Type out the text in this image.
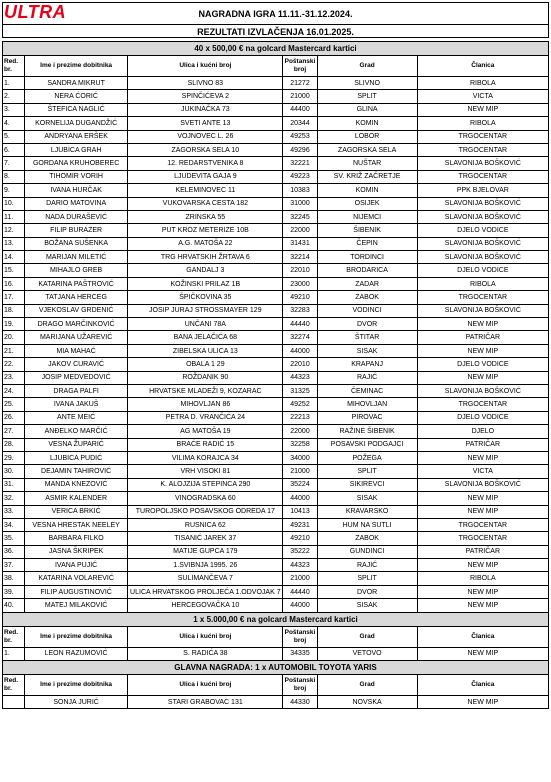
ULTRA	NAGRADNA IGRA 11.11.-31.12.2024.
REZULTATI IZVLAČENJA 16.01.2025.
40 x 500,00 € na golcard Mastercard kartici					
Red. br.	Ime i prezime dobitnika	Ulica i kućni broj	Poštanski broj	Grad	Članica
1.	SANDRA MIKRUT	SLIVNO 83	21272	SLIVNO	RIBOLA
2.	NERA ĆORIĆ	SPINČIĆEVA 2	21000	SPLIT	VICTA
3.	ŠTEFICA NAGLIĆ	JUKINAČKA 73	44400	GLINA	NEW MIP
4.	KORNELIJA DUGANDŽIĆ	SVETI ANTE 13	20344	KOMIN	RIBOLA
5.	ANDRYANA ERŠEK	VOJNOVEC L. 26	49253	LOBOR	TRGOCENTAR
6.	LJUBICA GRAH	ZAGORSKA SELA 10	49296	ZAGORSKA SELA	TRGOCENTAR
7.	GORDANA KRUHOBEREC	12. REDARSTVENIKA 8	32221	NUŠTAR	SLAVONIJA BOŠKOVIĆ
8.	TIHOMIR VORIH	LJUDEVITA GAJA 9	49223	SV. KRIŽ ZAČRETJE	TRGOCENTAR
9.	IVANA HURČAK	KELEMINOVEC 11	10383	KOMIN	PPK BJELOVAR
10.	DARIO MATOVINA	VUKOVARSKA CESTA 182	31000	OSIJEK	SLAVONIJA BOŠKOVIĆ
11.	NADA DURAŠEVIĆ	ZRINSKA 55	32245	NIJEMCI	SLAVONIJA BOŠKOVIĆ
12.	FILIP BURAZER	PUT KROZ METERIZE 10B	22000	ŠIBENIK	DJELO VODICE
13.	BOŽANA SUŠENKA	A.G. MATOŠA 22	31431	ČEPIN	SLAVONIJA BOŠKOVIĆ
14.	MARIJAN MILETIĆ	TRG HRVATSKIH ŽRTAVA 6	32214	TORDINCI	SLAVONIJA BOŠKOVIĆ
15.	MIHAJLO GREB	GANDALJ 3	22010	BRODARICA	DJELO VODICE
16.	KATARINA PAŠTROVIĆ	KOŽINSKI PRILAZ 1B	23000	ZADAR	RIBOLA
17.	TATJANA HERCEG	ŠPIČKOVINA 35	49210	ZABOK	TRGOCENTAR
18.	VJEKOSLAV GRDENIĆ	JOSIP JURAJ STROSSMAYER 129	32283	VODINCI	SLAVONIJA BOŠKOVIĆ
19.	DRAGO MARČINKOVIĆ	UNČANI 78A	44440	DVOR	NEW MIP
20.	MARIJANA UŽAREVIĆ	BANA JELAČIĆA 68	32274	ŠTITAR	PATRIČAR
21.	MIA MAHAĆ	ZIBELSKA ULICA 13	44000	SISAK	NEW MIP
22.	JAKOV CURAVIĆ	OBALA 1 29	22010	KRAPANJ	DJELO VODICE
23.	JOSIP MEDVEDOVIĆ	ROŽDANIK 90	44323	RAJIĆ	NEW MIP
24.	DRAGA PALFI	HRVATSKE MLADEŽI 9, KOZARAC	31325	ČEMINAC	SLAVONIJA BOŠKOVIĆ
25.	IVANA JAKUŠ	MIHOVLJAN 86	49252	MIHOVLJAN	TRGOCENTAR
26.	ANTE MEIĆ	PETRA D. VRANČIĆA 24	22213	PIROVAC	DJELO VODICE
27.	ANĐELKO MARČIĆ	AG MATOŠA 19	22000	RAŽINE ŠIBENIK	DJELO
28.	VESNA ŽUPARIĆ	BRAĆE RADIĆ 15	32258	POSAVSKI PODGAJCI	PATRIČAR
29.	LJUBICA PUDIĆ	VILIMA KORAJCA 34	34000	POŽEGA	NEW MIP
30.	DEJAMIN TAHIROVIĆ	VRH VISOKI 81	21000	SPLIT	VICTA
31.	MANDA KNEZOVIĆ	K. ALOJZIJA STEPINCA 290	35224	SIKIREVCI	SLAVONIJA BOŠKOVIĆ
32.	ASMIR KALENDER	VINOGRADSKA 60	44000	SISAK	NEW MIP
33.	VERICA BRKIĆ	TUROPOLJSKO POSAVSKOG ODREDA 17	10413	KRAVARSKO	NEW MIP
34.	VESNA HRESTAK NEELEY	RUSNICA 62	49231	HUM NA SUTLI	TRGOCENTAR
35.	BARBARA FILKO	TISANIĆ JAREK 37	49210	ZABOK	TRGOCENTAR
36.	JASNA ŠKRIPEK	MATIJE GUPCA 179	35222	GUNDINCI	PATRIČAR
37.	IVANA PUJIĆ	1.SVIBNJA 1995. 26	44323	RAJIĆ	NEW MIP
38.	KATARINA VOLAREVIĆ	SULIMANČEVA 7	21000	SPLIT	RIBOLA
39.	FILIP AUGUSTINOVIĆ	ULICA HRVATSKOG PROLJEĆA 1.ODVOJAK 7	44440	DVOR	NEW MIP
40.	MATEJ MILAKOVIĆ	HERCEGOVAČKA 10	44000	SISAK	NEW MIP
1 x 5.000,00 € na golcard Mastercard kartici					
Red. br.	Ime i prezime dobitnika	Ulica i kućni broj	Poštanski broj	Grad	Članica
1.	LEON RAZUMOVIĆ	S. RADIĆA 38	34335	VETOVO	NEW MIP
GLAVNA NAGRADA: 1 x AUTOMOBIL TOYOTA YARIS					
Red. br.	Ime i prezime dobitnika	Ulica i kućni broj	Poštanski broj	Grad	Članica
	SONJA JURIĆ	STARI GRABOVAC 131	44330	NOVSKA	NEW MIP
